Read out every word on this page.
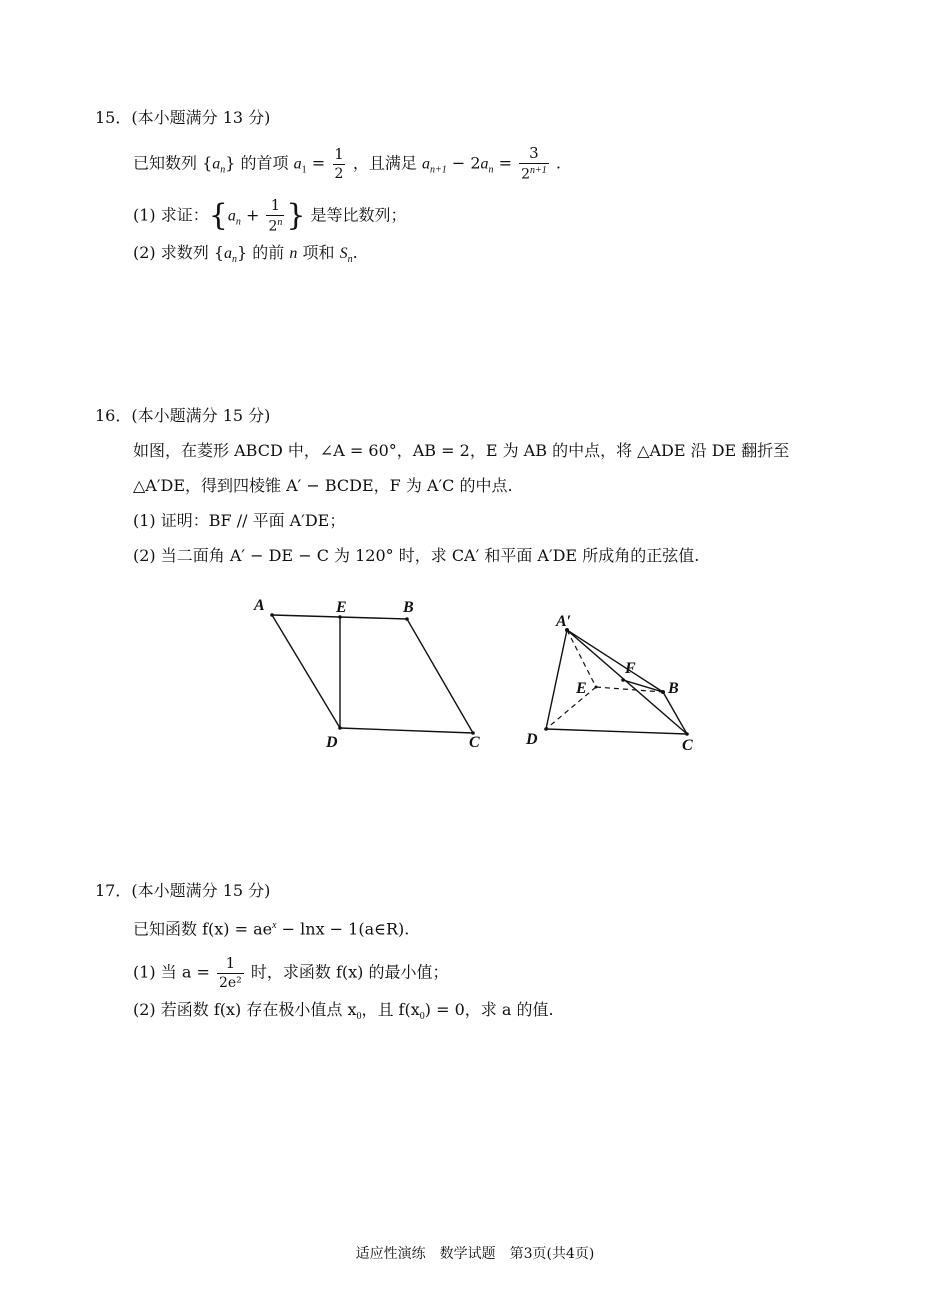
15．(本小题满分 13 分)
已知数列 $\{a_n\}$ 的首项 $a_1 = \frac{1}{2}$ ，且满足 $a_{n+1} - 2a_n = \frac{3}{2^{n+1}}$ .
(1) 求证：{$a_n + \frac{1}{2^n}$ } 是等比数列；
(2) 求数列 $\{a_n\}$ 的前 n 项和 $S_n$.
16．(本小题满分 15 分)
如图，在菱形 ABCD 中，∠A = 60°，AB = 2，E 为 AB 的中点，将 △ADE 沿 DE 翻折至
△A′DE，得到四棱锥 A′ − BCDE，F 为 A′C 的中点.
(1) 证明：BF // 平面 A′DE；
(2) 当二面角 A′ − DE − C 为 120° 时，求 CA′ 和平面 A′DE 所成角的正弦值.
A	E	B
D	C
A′
F
E	B
D	C
17．(本小题满分 15 分)
已知函数 $f(x) = ae^x - \ln x$ − 1(a∈R).
(1) 当 $a = \frac{1}{\text{2e²}}$ 时，求函数 f(x) 的最小值；
(2) 若函数 f(x) 存在极小值点 $x_0$，且 $f(x_0) = 0$，求 a 的值.
适应性演练　数学试题　第3页(共4页)
